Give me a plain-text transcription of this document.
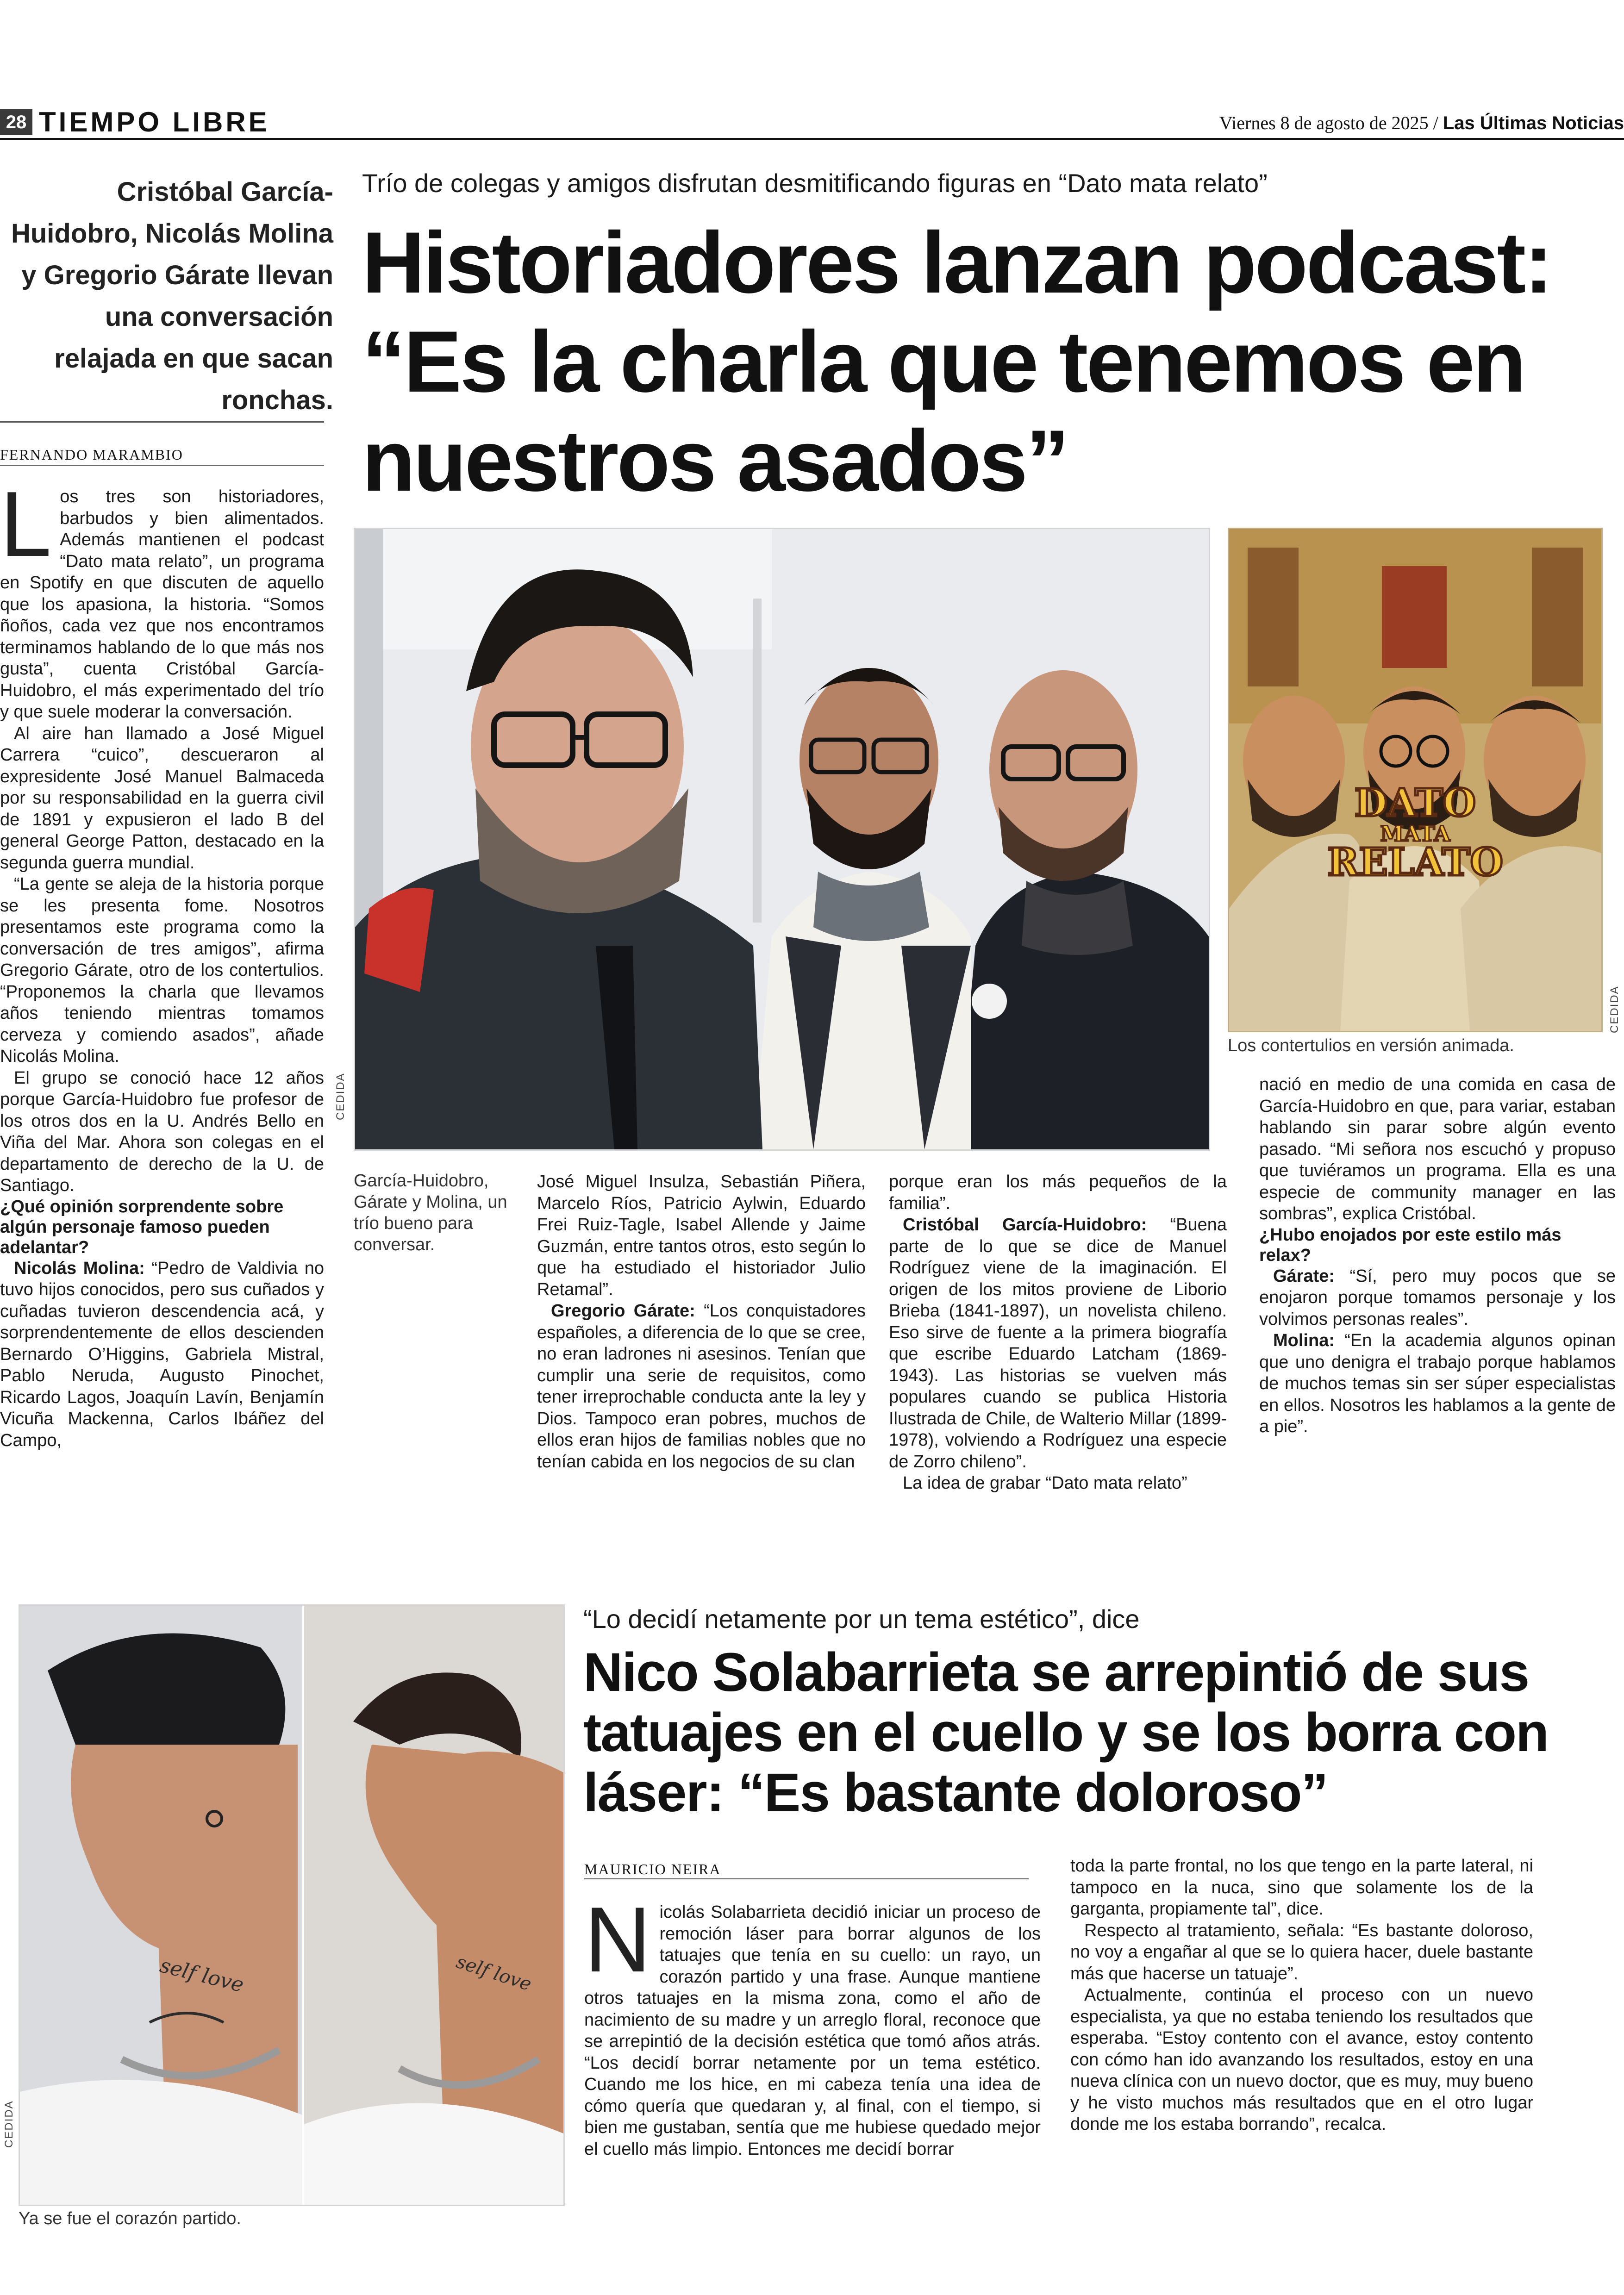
28 TIEMPO LIBRE	Viernes 8 de agosto de 2025 / Las Últimas Noticias
Trío de colegas y amigos disfrutan desmitificando figuras en “Dato mata relato”
Historiadores lanzan podcast: “Es la charla que tenemos en nuestros asados”
Cristóbal García-Huidobro, Nicolás Molina y Gregorio Gárate llevan una conversación relajada en que sacan ronchas.
FERNANDO MARAMBIO

Los tres son historiadores, barbudos y bien alimentados. Además mantienen el podcast “Dato mata relato”, un programa en Spotify en que discuten de aquello que los apasiona, la historia. “Somos ñoños, cada vez que nos encontramos terminamos hablando de lo que más nos gusta”, cuenta Cristóbal García-Huidobro, el más experimentado del trío y que suele moderar la conversación.

Al aire han llamado a José Miguel Carrera “cuico”, descueraron al expresidente José Manuel Balmaceda por su responsabilidad en la guerra civil de 1891 y expusieron el lado B del general George Patton, destacado en la segunda guerra mundial.

“La gente se aleja de la historia porque se les presenta fome. Nosotros presentamos este programa como la conversación de tres amigos”, afirma Gregorio Gárate, otro de los contertulios. “Proponemos la charla que llevamos años teniendo mientras tomamos cerveza y comiendo asados”, añade Nicolás Molina.

El grupo se conoció hace 12 años porque García-Huidobro fue profesor de los otros dos en la U. Andrés Bello en Viña del Mar. Ahora son colegas en el departamento de derecho de la U. de Santiago.

¿Qué opinión sorprendente sobre algún personaje famoso pueden adelantar?

Nicolás Molina: “Pedro de Valdivia no tuvo hijos conocidos, pero sus cuñados y cuñadas tuvieron descendencia acá, y sorprendentemente de ellos descienden Bernardo O’Higgins, Gabriela Mistral, Pablo Neruda, Augusto Pinochet, Ricardo Lagos, Joaquín Lavín, Benjamín Vicuña Mackenna, Carlos Ibáñez del Campo,

CEDIDA
DATO
MATA
RELATO
CEDIDA
Los contertulios en versión animada.
García-Huidobro, Gárate y Molina, un trío bueno para conversar.

José Miguel Insulza, Sebastián Piñera, Marcelo Ríos, Patricio Aylwin, Eduardo Frei Ruiz-Tagle, Isabel Allende y Jaime Guzmán, entre tantos otros, esto según lo que ha estudiado el historiador Julio Retamal”.

Gregorio Gárate: “Los conquistadores españoles, a diferencia de lo que se cree, no eran ladrones ni asesinos. Tenían que cumplir una serie de requisitos, como tener irreprochable conducta ante la ley y Dios. Tampoco eran pobres, muchos de ellos eran hijos de familias nobles que no tenían cabida en los negocios de su clan

porque eran los más pequeños de la familia”.

Cristóbal García-Huidobro: “Buena parte de lo que se dice de Manuel Rodríguez viene de la imaginación. El origen de los mitos proviene de Liborio Brieba (1841-1897), un novelista chileno. Eso sirve de fuente a la primera biografía que escribe Eduardo Latcham (1869-1943). Las historias se vuelven más populares cuando se publica Historia Ilustrada de Chile, de Walterio Millar (1899-1978), volviendo a Rodríguez una especie de Zorro chileno”.

La idea de grabar “Dato mata relato”

nació en medio de una comida en casa de García-Huidobro en que, para variar, estaban hablando sin parar sobre algún evento pasado. “Mi señora nos escuchó y propuso que tuviéramos un programa. Ella es una especie de community manager en las sombras”, explica Cristóbal.

¿Hubo enojados por este estilo más relax?

Gárate: “Sí, pero muy pocos que se enojaron porque tomamos personaje y los volvimos personas reales”.

Molina: “En la academia algunos opinan que uno denigra el trabajo porque hablamos de muchos temas sin ser súper especialistas en ellos. Nosotros les hablamos a la gente de a pie”.

self love	self love
CEDIDA
Ya se fue el corazón partido.
“Lo decidí netamente por un tema estético”, dice
Nico Solabarrieta se arrepintió de sus tatuajes en el cuello y se los borra con láser: “Es bastante doloroso”
MAURICIO NEIRA

Nicolás Solabarrieta decidió iniciar un proceso de remoción láser para borrar algunos de los tatuajes que tenía en su cuello: un rayo, un corazón partido y una frase. Aunque mantiene otros tatuajes en la misma zona, como el año de nacimiento de su madre y un arreglo floral, reconoce que se arrepintió de la decisión estética que tomó años atrás. “Los decidí borrar netamente por un tema estético. Cuando me los hice, en mi cabeza tenía una idea de cómo quería que quedaran y, al final, con el tiempo, si bien me gustaban, sentía que me hubiese quedado mejor el cuello más limpio. Entonces me decidí borrar

toda la parte frontal, no los que tengo en la parte lateral, ni tampoco en la nuca, sino que solamente los de la garganta, propiamente tal”, dice.

Respecto al tratamiento, señala: “Es bastante doloroso, no voy a engañar al que se lo quiera hacer, duele bastante más que hacerse un tatuaje”.

Actualmente, continúa el proceso con un nuevo especialista, ya que no estaba teniendo los resultados que esperaba. “Estoy contento con el avance, estoy contento con cómo han ido avanzando los resultados, estoy en una nueva clínica con un nuevo doctor, que es muy, muy bueno y he visto muchos más resultados que en el otro lugar donde me los estaba borrando”, recalca.
